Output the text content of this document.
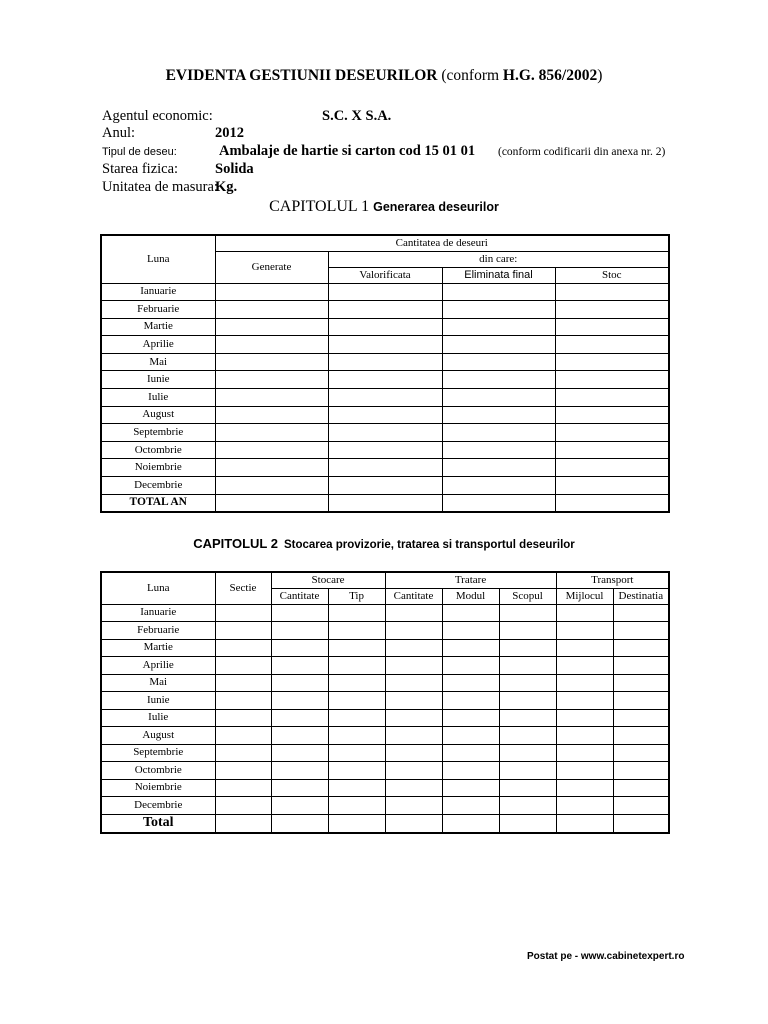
EVIDENTA GESTIUNII DESEURILOR (conform H.G. 856/2002)
Agentul economic:	S.C. X S.A.
Anul:	2012
Tipul de deseu:	Ambalaje de hartie si carton cod 15 01 01 (conform codificarii din anexa nr. 2)
Starea fizica:	Solida
Unitatea de masura:
Kg.
CAPITOLUL 1 Generarea deseurilor
Luna	Cantitatea de deseuri			
	Generate	din care:		
		Valorificata	Eliminata final	Stoc
Ianuarie				
Februarie				
Martie				
Aprilie				
Mai				
Iunie				
Iulie				
August				
Septembrie				
Octombrie				
Noiembrie				
Decembrie				
TOTAL AN				
CAPITOLUL 2 Stocarea provizorie, tratarea si transportul deseurilor
Luna	Sectie	Stocare		Tratare			Transport	
		Cantitate	Tip	Cantitate	Modul	Scopul	Mijlocul	Destinatia
Ianuarie								
Februarie								
Martie								
Aprilie								
Mai								
Iunie								
Iulie								
August								
Septembrie								
Octombrie								
Noiembrie								
Decembrie								
Total								
Postat pe - www.cabinetexpert.ro
